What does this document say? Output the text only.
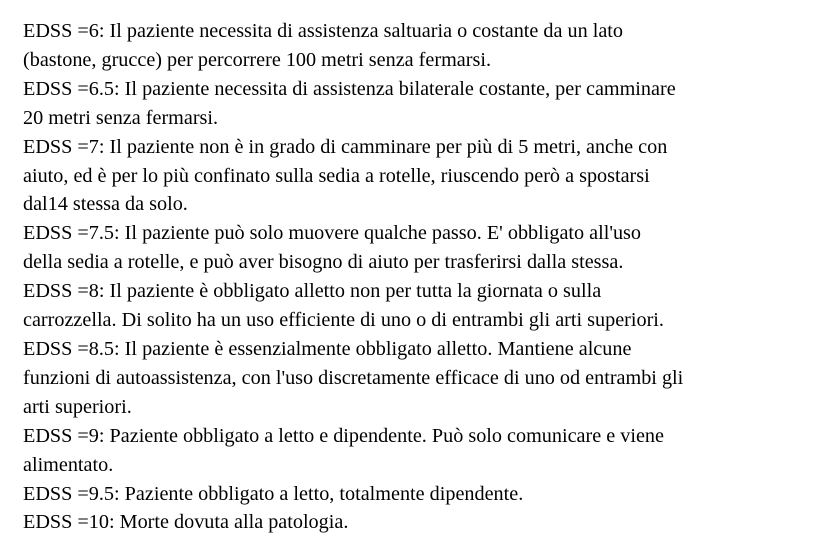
EDSS =6: Il paziente necessita di assistenza saltuaria o costante da un lato
(bastone, grucce) per percorrere 100 metri senza fermarsi.

EDSS =6.5: Il paziente necessita di assistenza bilaterale costante, per camminare
20 metri senza fermarsi.

EDSS =7: Il paziente non è in grado di camminare per più di 5 metri, anche con
aiuto, ed è per lo più confinato sulla sedia a rotelle, riuscendo però a spostarsi
dal14 stessa da solo.

EDSS =7.5: Il paziente può solo muovere qualche passo. E' obbligato all'uso
della sedia a rotelle, e può aver bisogno di aiuto per trasferirsi dalla stessa.

EDSS =8: Il paziente è obbligato alletto non per tutta la giornata o sulla
carrozzella. Di solito ha un uso efficiente di uno o di entrambi gli arti superiori.

EDSS =8.5: Il paziente è essenzialmente obbligato alletto. Mantiene alcune
funzioni di autoassistenza, con l'uso discretamente efficace di uno od entrambi gli
arti superiori.

EDSS =9: Paziente obbligato a letto e dipendente. Può solo comunicare e viene
alimentato.

EDSS =9.5: Paziente obbligato a letto, totalmente dipendente.

EDSS =10: Morte dovuta alla patologia.
